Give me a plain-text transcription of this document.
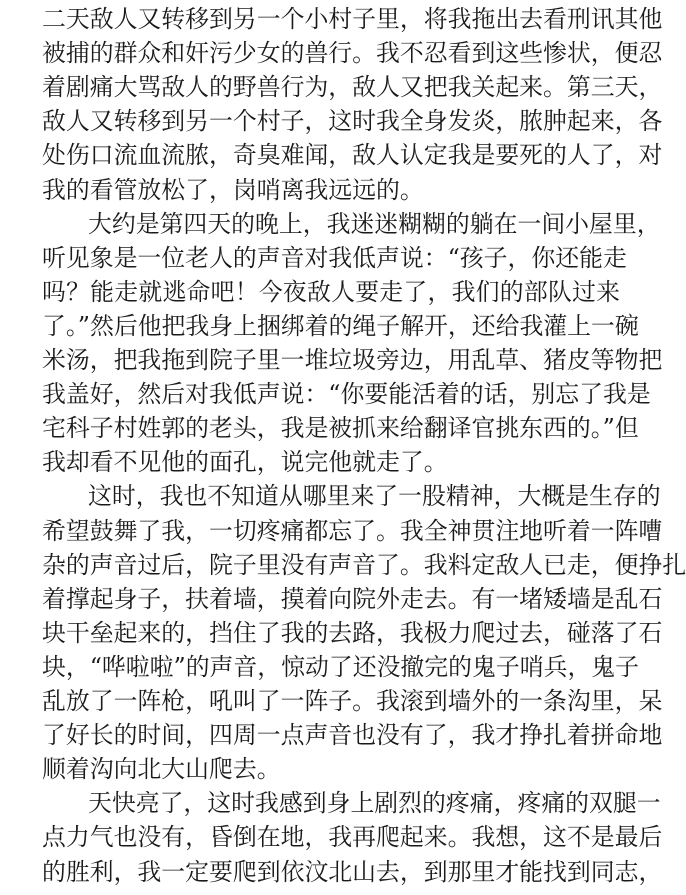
二天敌人又转移到另一个小村子里，将我拖出去看刑讯其他
被捕的群众和奸污少女的兽行。我不忍看到这些惨状，便忍
着剧痛大骂敌人的野兽行为，敌人又把我关起来。第三天，
敌人又转移到另一个村子，这时我全身发炎，脓肿起来，各
处伤口流血流脓，奇臭难闻，敌人认定我是要死的人了，对
我的看管放松了，岗哨离我远远的。
大约是第四天的晚上，我迷迷糊糊的躺在一间小屋里，
听见象是一位老人的声音对我低声说：“孩子，你还能走
吗？能走就逃命吧！今夜敌人要走了，我们的部队过来
了。”然后他把我身上捆绑着的绳子解开，还给我灌上一碗
米汤，把我拖到院子里一堆垃圾旁边，用乱草、猪皮等物把
我盖好，然后对我低声说：“你要能活着的话，别忘了我是
宅科子村姓郭的老头，我是被抓来给翻译官挑东西的。”但
我却看不见他的面孔，说完他就走了。
这时，我也不知道从哪里来了一股精神，大概是生存的
希望鼓舞了我，一切疼痛都忘了。我全神贯注地听着一阵嘈
杂的声音过后，院子里没有声音了。我料定敌人已走，便挣扎
着撑起身子，扶着墙，摸着向院外走去。有一堵矮墙是乱石
块干垒起来的，挡住了我的去路，我极力爬过去，碰落了石
块，“哗啦啦”的声音，惊动了还没撤完的鬼子哨兵，鬼子
乱放了一阵枪，吼叫了一阵子。我滚到墙外的一条沟里，呆
了好长的时间，四周一点声音也没有了，我才挣扎着拼命地
顺着沟向北大山爬去。
天快亮了，这时我感到身上剧烈的疼痛，疼痛的双腿一
点力气也没有，昏倒在地，我再爬起来。我想，这不是最后
的胜利，我一定要爬到依汶北山去，到那里才能找到同志，
